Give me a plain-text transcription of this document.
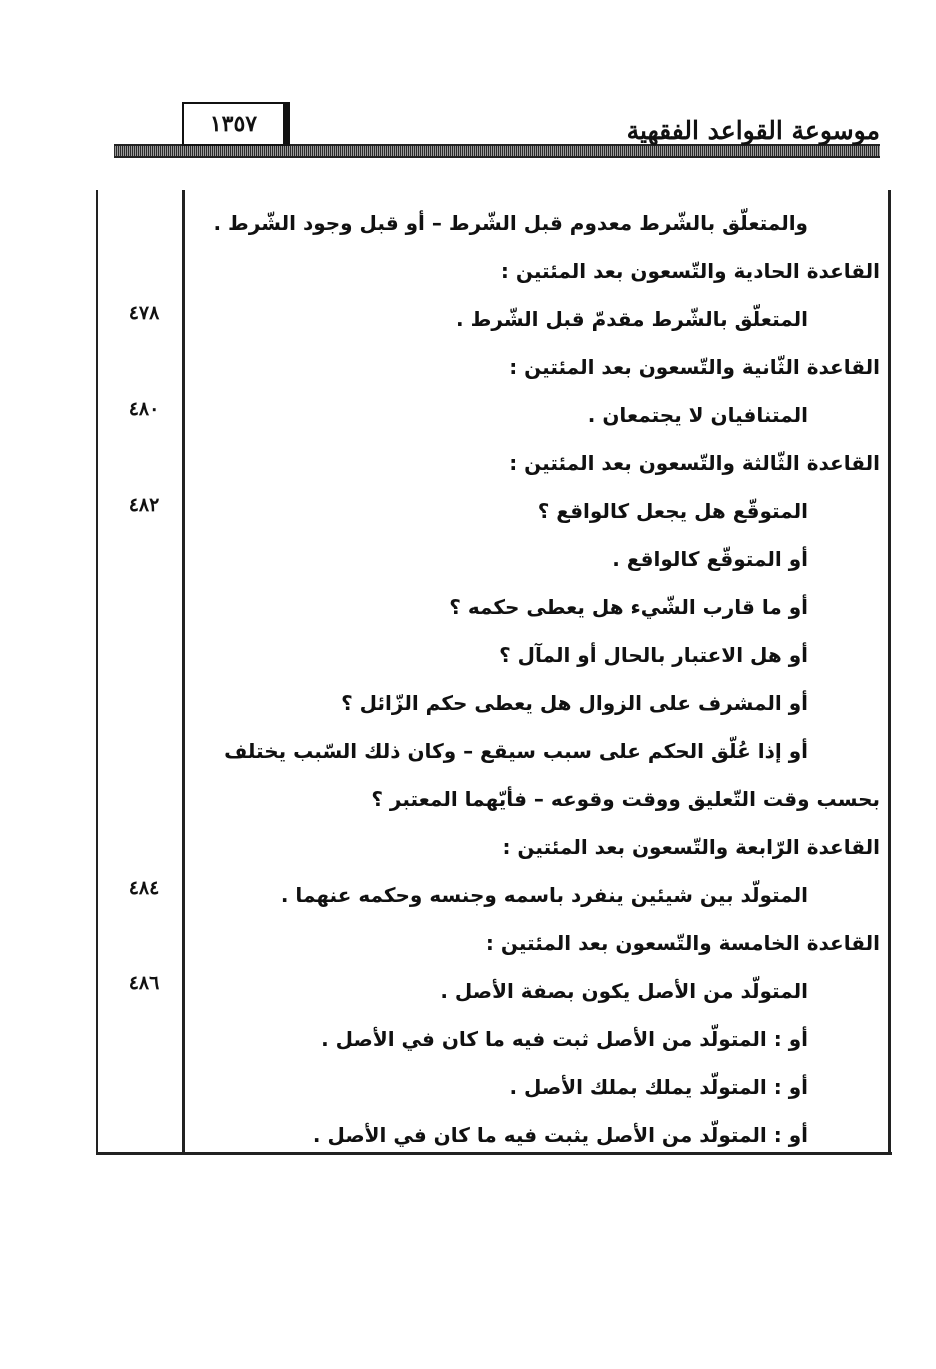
١٣٥٧	موسوعة القواعد الفقهية
٤٧٨
٤٨٠
٤٨٢
٤٨٤
٤٨٦
والمتعلّق بالشّرط معدوم قبل الشّرط – أو قبل وجود الشّرط .
القاعدة الحادية والتّسعون بعد المئتين :
المتعلّق بالشّرط مقدمّ قبل الشّرط .
القاعدة الثّانية والتّسعون بعد المئتين :
المتنافيان لا يجتمعان .
القاعدة الثّالثة والتّسعون بعد المئتين :
المتوقّع هل يجعل كالواقع ؟
أو المتوقّع كالواقع .
أو ما قارب الشّيء هل يعطى حكمه ؟
أو هل الاعتبار بالحال أو المآل ؟
أو المشرف على الزوال هل يعطى حكم الزّائل ؟
أو إذا عُلّق الحكم على سبب سيقع – وكان ذلك السّبب يختلف
بحسب وقت التّعليق ووقت وقوعه – فأيّهما المعتبر ؟
القاعدة الرّابعة والتّسعون بعد المئتين :
المتولّد بين شيئين ينفرد باسمه وجنسه وحكمه عنهما .
القاعدة الخامسة والتّسعون بعد المئتين :
المتولّد من الأصل يكون بصفة الأصل .
أو : المتولّد من الأصل ثبت فيه ما كان في الأصل .
أو : المتولّد يملك بملك الأصل .
أو : المتولّد من الأصل يثبت فيه ما كان في الأصل .
